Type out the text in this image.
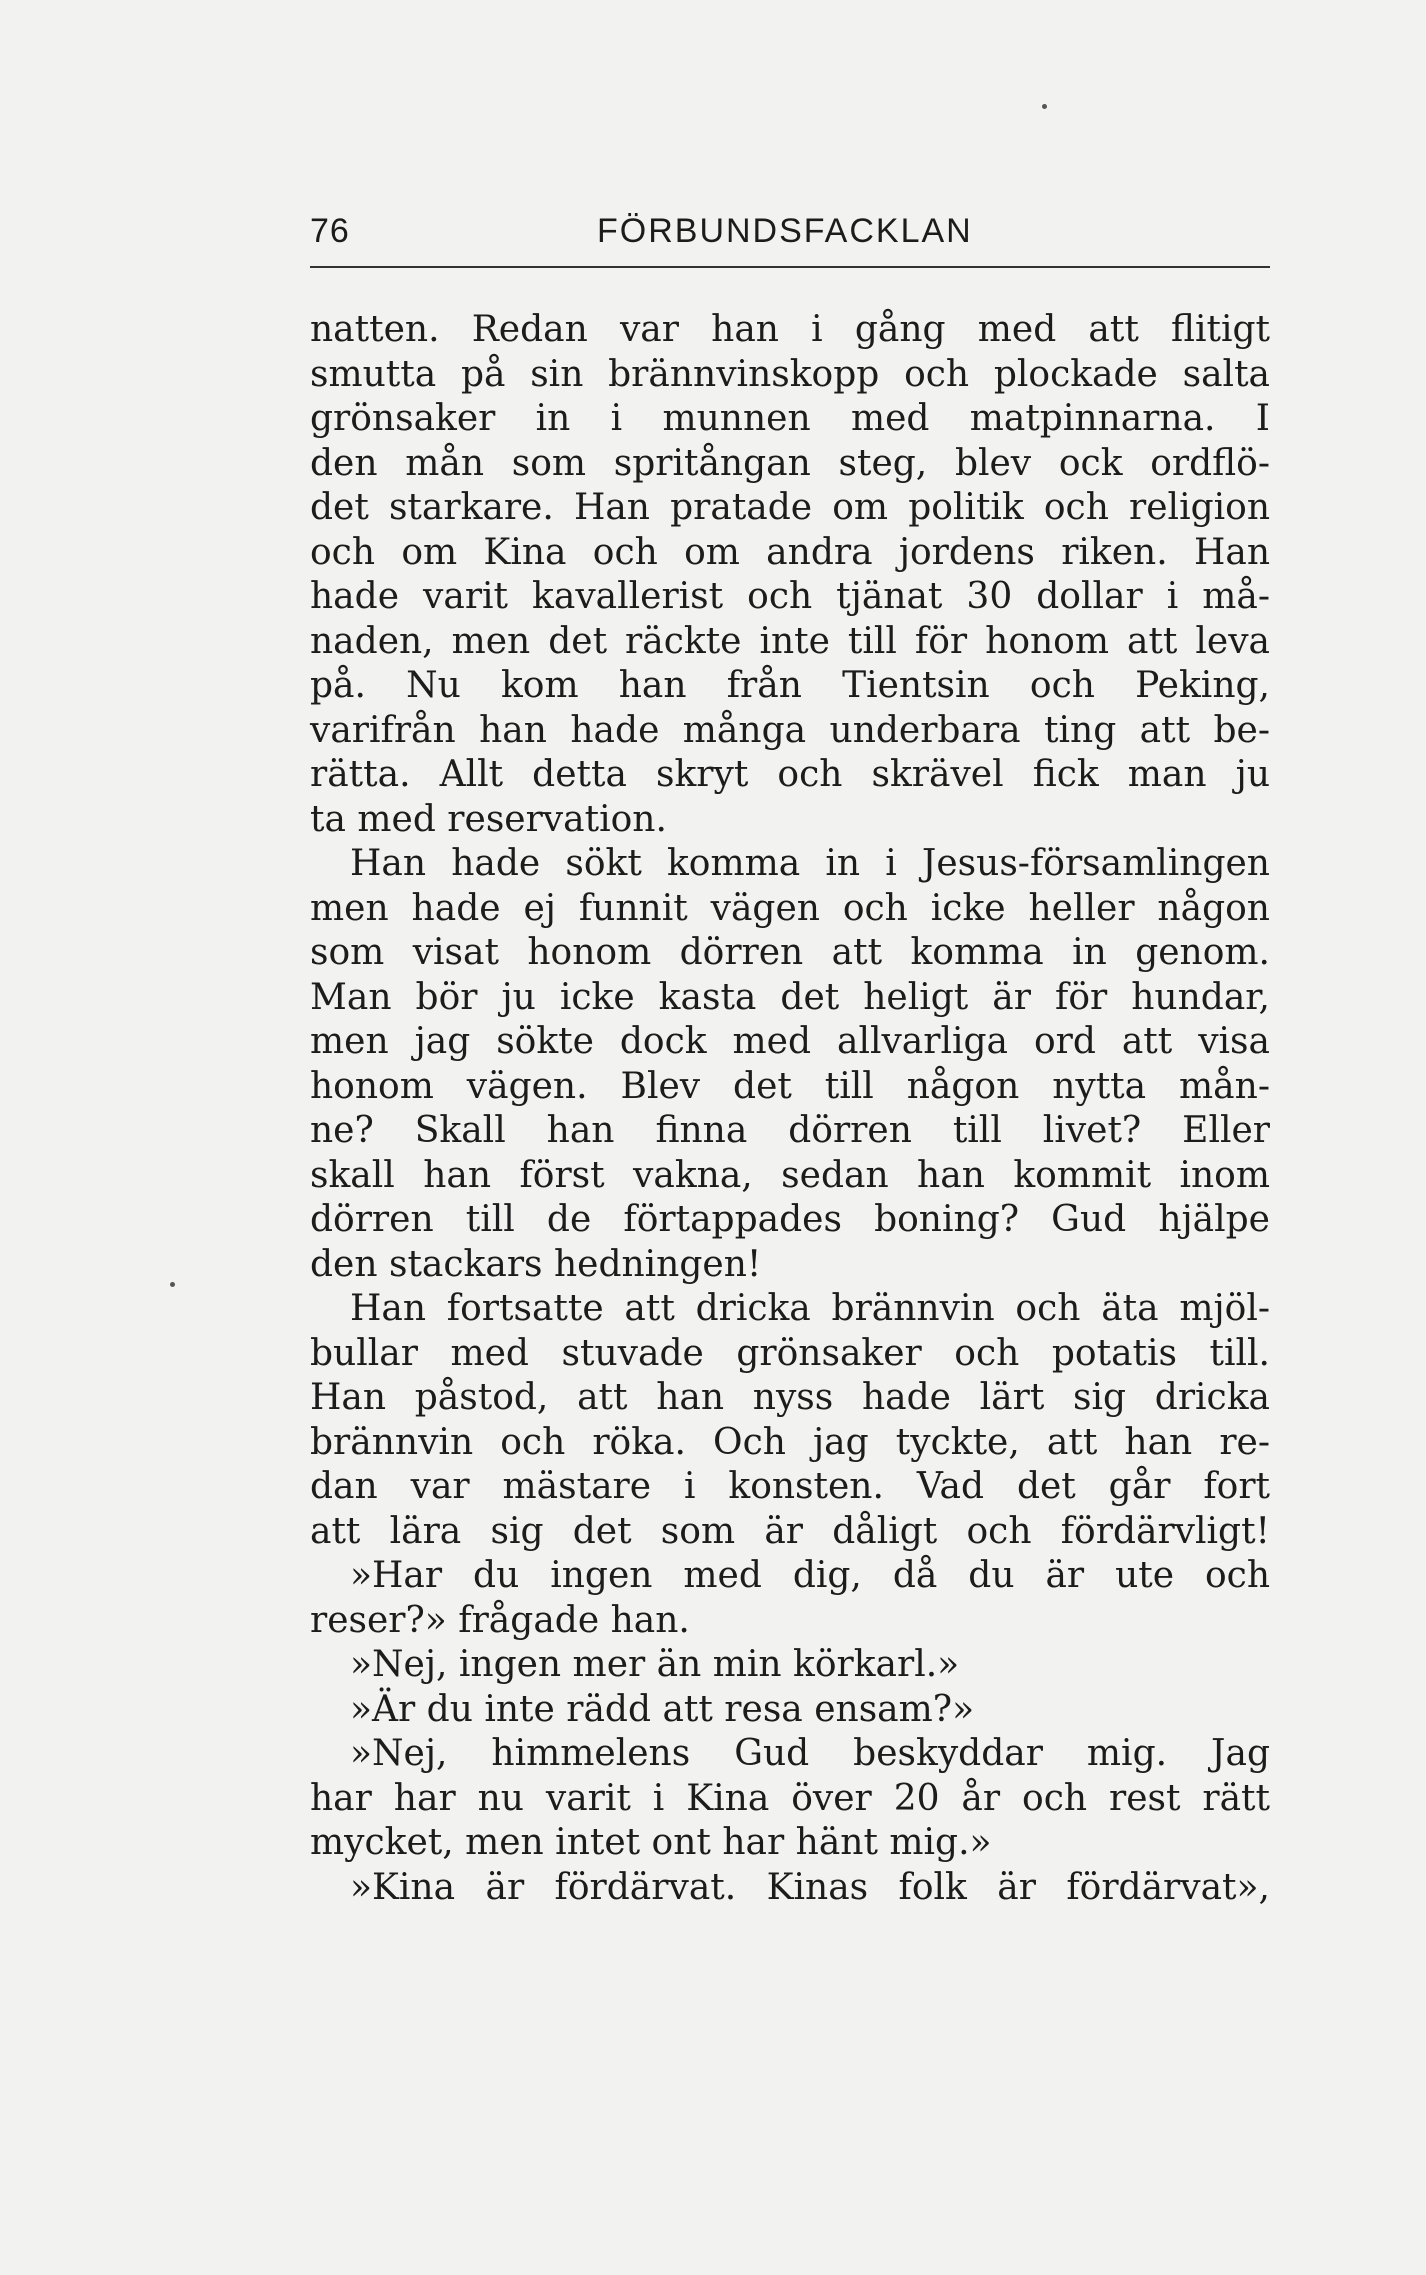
76	FÖRBUNDSFACKLAN
natten. Redan var han i gång med att flitigt
smutta på sin brännvinskopp och plockade salta
grönsaker in i munnen med matpinnarna. I
den mån som spritångan steg, blev ock ordflö-
det starkare. Han pratade om politik och religion
och om Kina och om andra jordens riken. Han
hade varit kavallerist och tjänat 30 dollar i må-
naden, men det räckte inte till för honom att leva
på. Nu kom han från Tientsin och Peking,
varifrån han hade många underbara ting att be-
rätta. Allt detta skryt och skrävel fick man ju
ta med reservation.
Han hade sökt komma in i Jesus-församlingen
men hade ej funnit vägen och icke heller någon
som visat honom dörren att komma in genom.
Man bör ju icke kasta det heligt är för hundar,
men jag sökte dock med allvarliga ord att visa
honom vägen. Blev det till någon nytta mån-
ne? Skall han finna dörren till livet? Eller
skall han först vakna, sedan han kommit inom
dörren till de förtappades boning? Gud hjälpe
den stackars hedningen!
Han fortsatte att dricka brännvin och äta mjöl-
bullar med stuvade grönsaker och potatis till.
Han påstod, att han nyss hade lärt sig dricka
brännvin och röka. Och jag tyckte, att han re-
dan var mästare i konsten. Vad det går fort
att lära sig det som är dåligt och fördärvligt!
»Har du ingen med dig, då du är ute och
reser?» frågade han.
»Nej, ingen mer än min körkarl.»
»Är du inte rädd att resa ensam?»
»Nej, himmelens Gud beskyddar mig. Jag
har har nu varit i Kina över 20 år och rest rätt
mycket, men intet ont har hänt mig.»
»Kina är fördärvat. Kinas folk är fördärvat»,
